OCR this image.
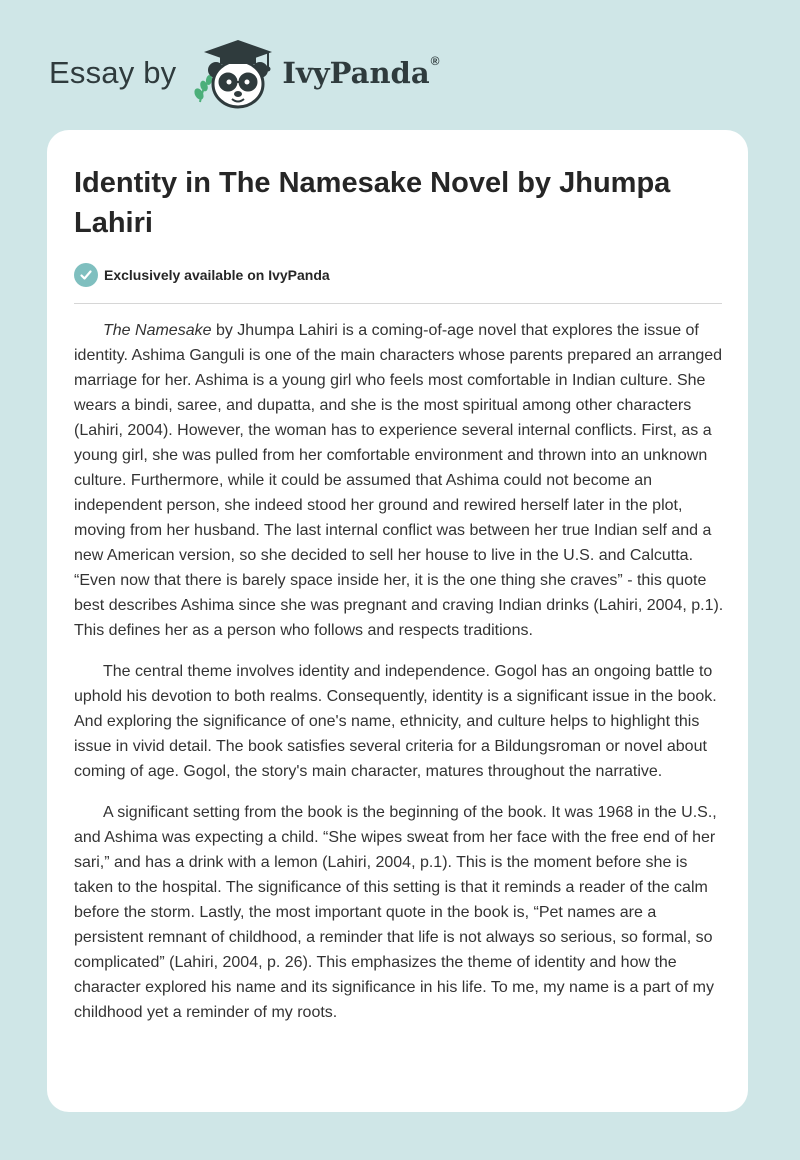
Essay by	IvyPanda ®
Identity in The Namesake Novel by Jhumpa Lahiri
Exclusively available on IvyPanda

The Namesake by Jhumpa Lahiri is a coming-of-age novel that explores the issue of identity. Ashima Ganguli is one of the main characters whose parents prepared an arranged marriage for her. Ashima is a young girl who feels most comfortable in Indian culture. She wears a bindi, saree, and dupatta, and she is the most spiritual among other characters (Lahiri, 2004). However, the woman has to experience several internal conflicts. First, as a young girl, she was pulled from her comfortable environment and thrown into an unknown culture. Furthermore, while it could be assumed that Ashima could not become an independent person, she indeed stood her ground and rewired herself later in the plot, moving from her husband. The last internal conflict was between her true Indian self and a new American version, so she decided to sell her house to live in the U.S. and Calcutta. “Even now that there is barely space inside her, it is the one thing she craves” - this quote best describes Ashima since she was pregnant and craving Indian drinks (Lahiri, 2004, p.1). This defines her as a person who follows and respects traditions.

The central theme involves identity and independence. Gogol has an ongoing battle to uphold his devotion to both realms. Consequently, identity is a significant issue in the book. And exploring the significance of one's name, ethnicity, and culture helps to highlight this issue in vivid detail. The book satisfies several criteria for a Bildungsroman or novel about coming of age. Gogol, the story's main character, matures throughout the narrative.

A significant setting from the book is the beginning of the book. It was 1968 in the U.S., and Ashima was expecting a child. “She wipes sweat from her face with the free end of her sari,” and has a drink with a lemon (Lahiri, 2004, p.1). This is the moment before she is taken to the hospital. The significance of this setting is that it reminds a reader of the calm before the storm. Lastly, the most important quote in the book is, “Pet names are a persistent remnant of childhood, a reminder that life is not always so serious, so formal, so complicated” (Lahiri, 2004, p. 26). This emphasizes the theme of identity and how the character explored his name and its significance in his life. To me, my name is a part of my childhood yet a reminder of my roots.
